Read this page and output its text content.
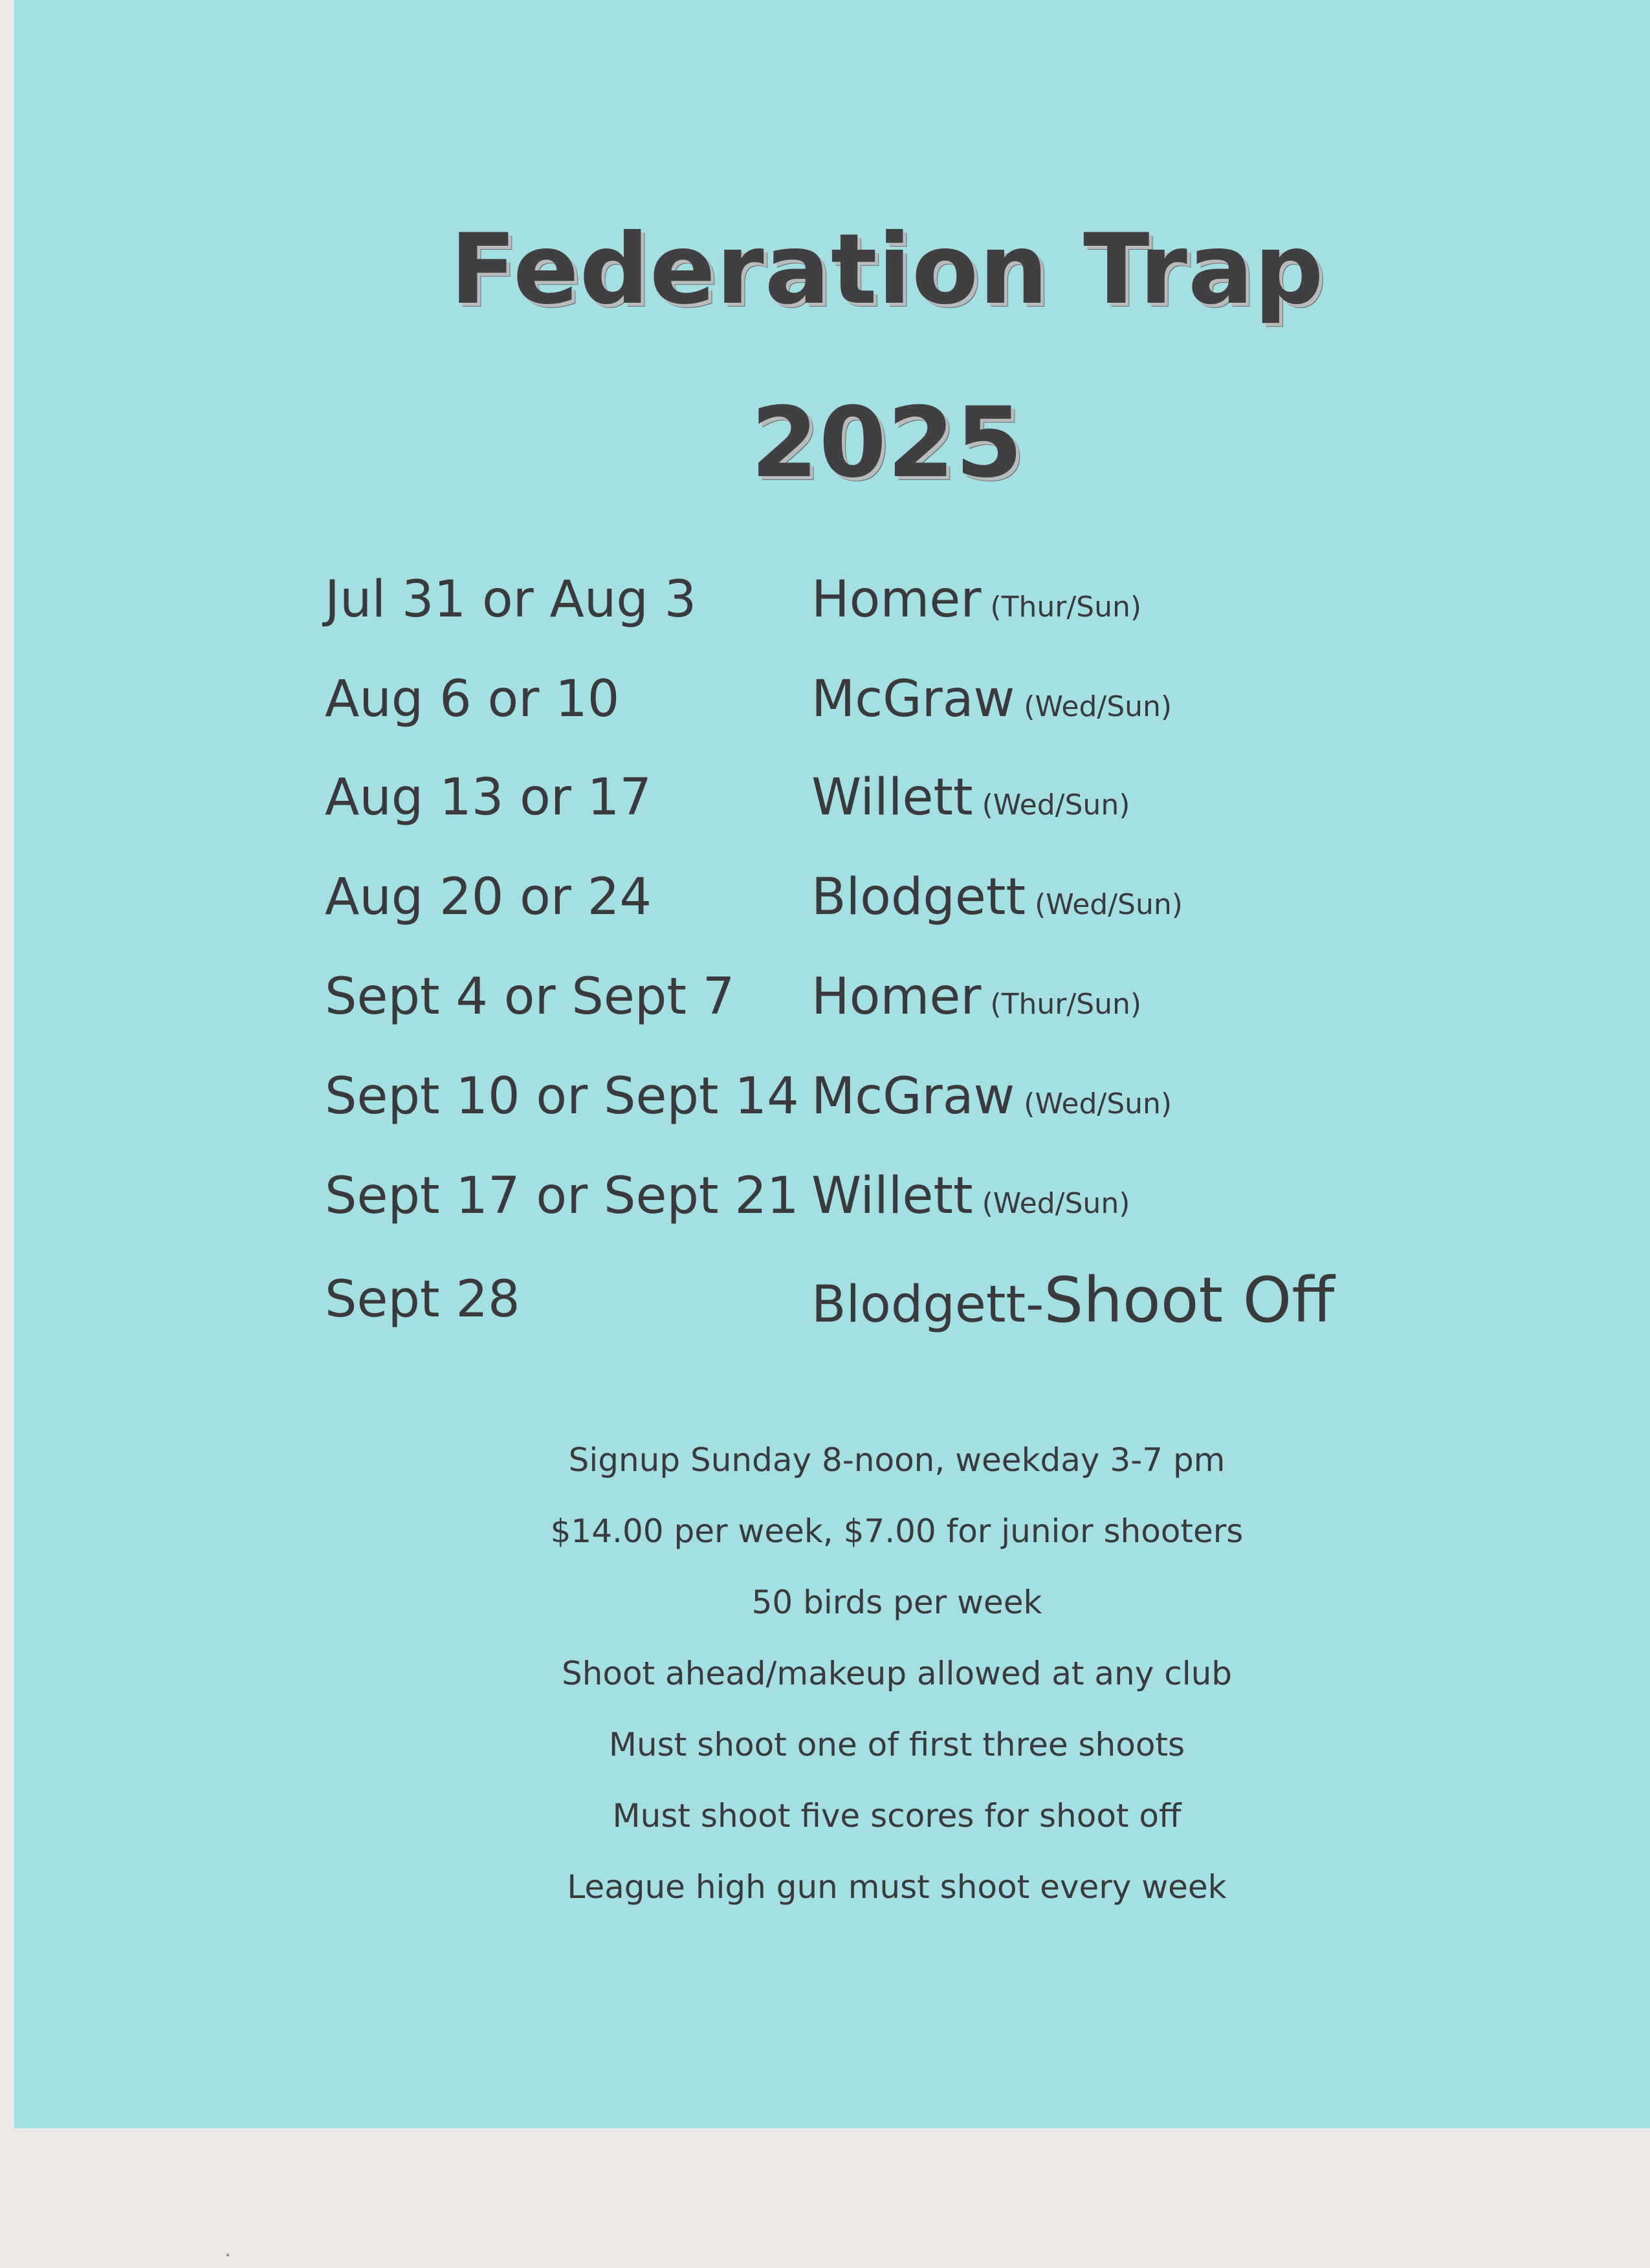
Federation Trap
2025
Jul 31 or Aug 3 Homer (Thur/Sun)
Aug 6 or 10	McGraw (Wed/Sun)
Aug 13 or 17	Willett (Wed/Sun)
Aug 20 or 24	Blodgett (Wed/Sun)
Sept 4 or Sept 7 Homer (Thur/Sun)
Sept 10 or Sept 14 McGraw (Wed/Sun)
Sept 17 or Sept 21 Willett (Wed/Sun)
Sept 28	Blodgett-Shoot Off
Signup Sunday 8-noon, weekday 3-7 pm
$14.00 per week, $7.00 for junior shooters
50 birds per week
Shoot ahead/makeup allowed at any club
Must shoot one of first three shoots
Must shoot five scores for shoot off
League high gun must shoot every week
